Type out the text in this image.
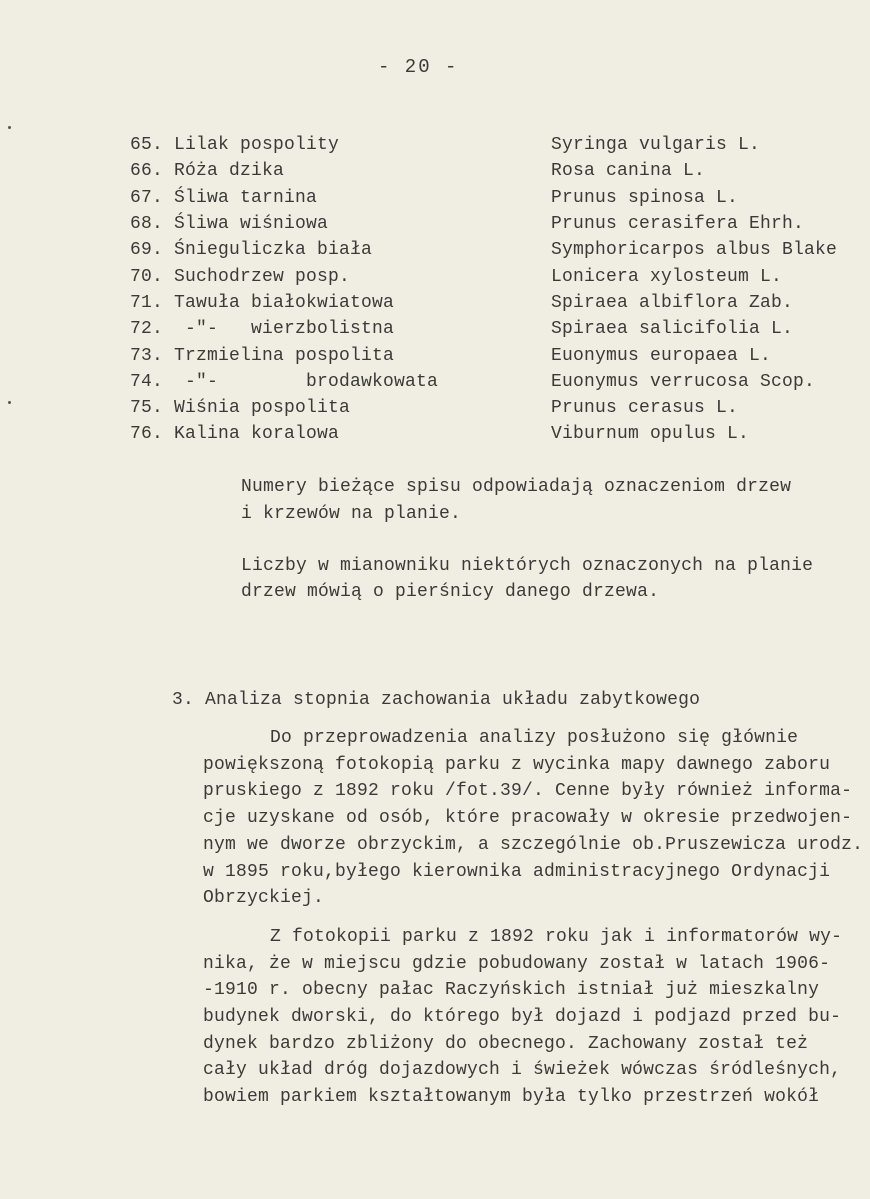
- 20 -
65. Lilak pospolity	Syringa vulgaris L.
66. Róża dzika	Rosa canina L.
67. Śliwa tarnina	Prunus spinosa L.
68. Śliwa wiśniowa	Prunus cerasifera Ehrh.
69. Śnieguliczka biała	Symphoricarpos albus Blake
70. Suchodrzew posp.	Lonicera xylosteum L.
71. Tawuła białokwiatowa	Spiraea albiflora Zab.
72. -"-   wierzbolistna	Spiraea salicifolia L.
73. Trzmielina pospolita	Euonymus europaea L.
74. -"-        brodawkowata	Euonymus verrucosa Scop.
75. Wiśnia pospolita	Prunus cerasus L.
76. Kalina koralowa	Viburnum opulus L.
Numery bieżące spisu odpowiadają oznaczeniom drzew
i krzewów na planie.
Liczby w mianowniku niektórych oznaczonych na planie
drzew mówią o pierśnicy danego drzewa.
3. Analiza stopnia zachowania układu zabytkowego
Do przeprowadzenia analizy posłużono się głównie
powiększoną fotokopią parku z wycinka mapy dawnego zaboru
pruskiego z 1892 roku /fot.39/. Cenne były również informa-
cje uzyskane od osób, które pracowały w okresie przedwojen-
nym we dworze obrzyckim, a szczególnie ob.Pruszewicza urodz.
w 1895 roku,byłego kierownika administracyjnego Ordynacji
Obrzyckiej.
Z fotokopii parku z 1892 roku jak i informatorów wy-
nika, że w miejscu gdzie pobudowany został w latach 1906-
-1910 r. obecny pałac Raczyńskich istniał już mieszkalny
budynek dworski, do którego był dojazd i podjazd przed bu-
dynek bardzo zbliżony do obecnego. Zachowany został też
cały układ dróg dojazdowych i świeżek wówczas śródleśnych,
bowiem parkiem kształtowanym była tylko przestrzeń wokół
